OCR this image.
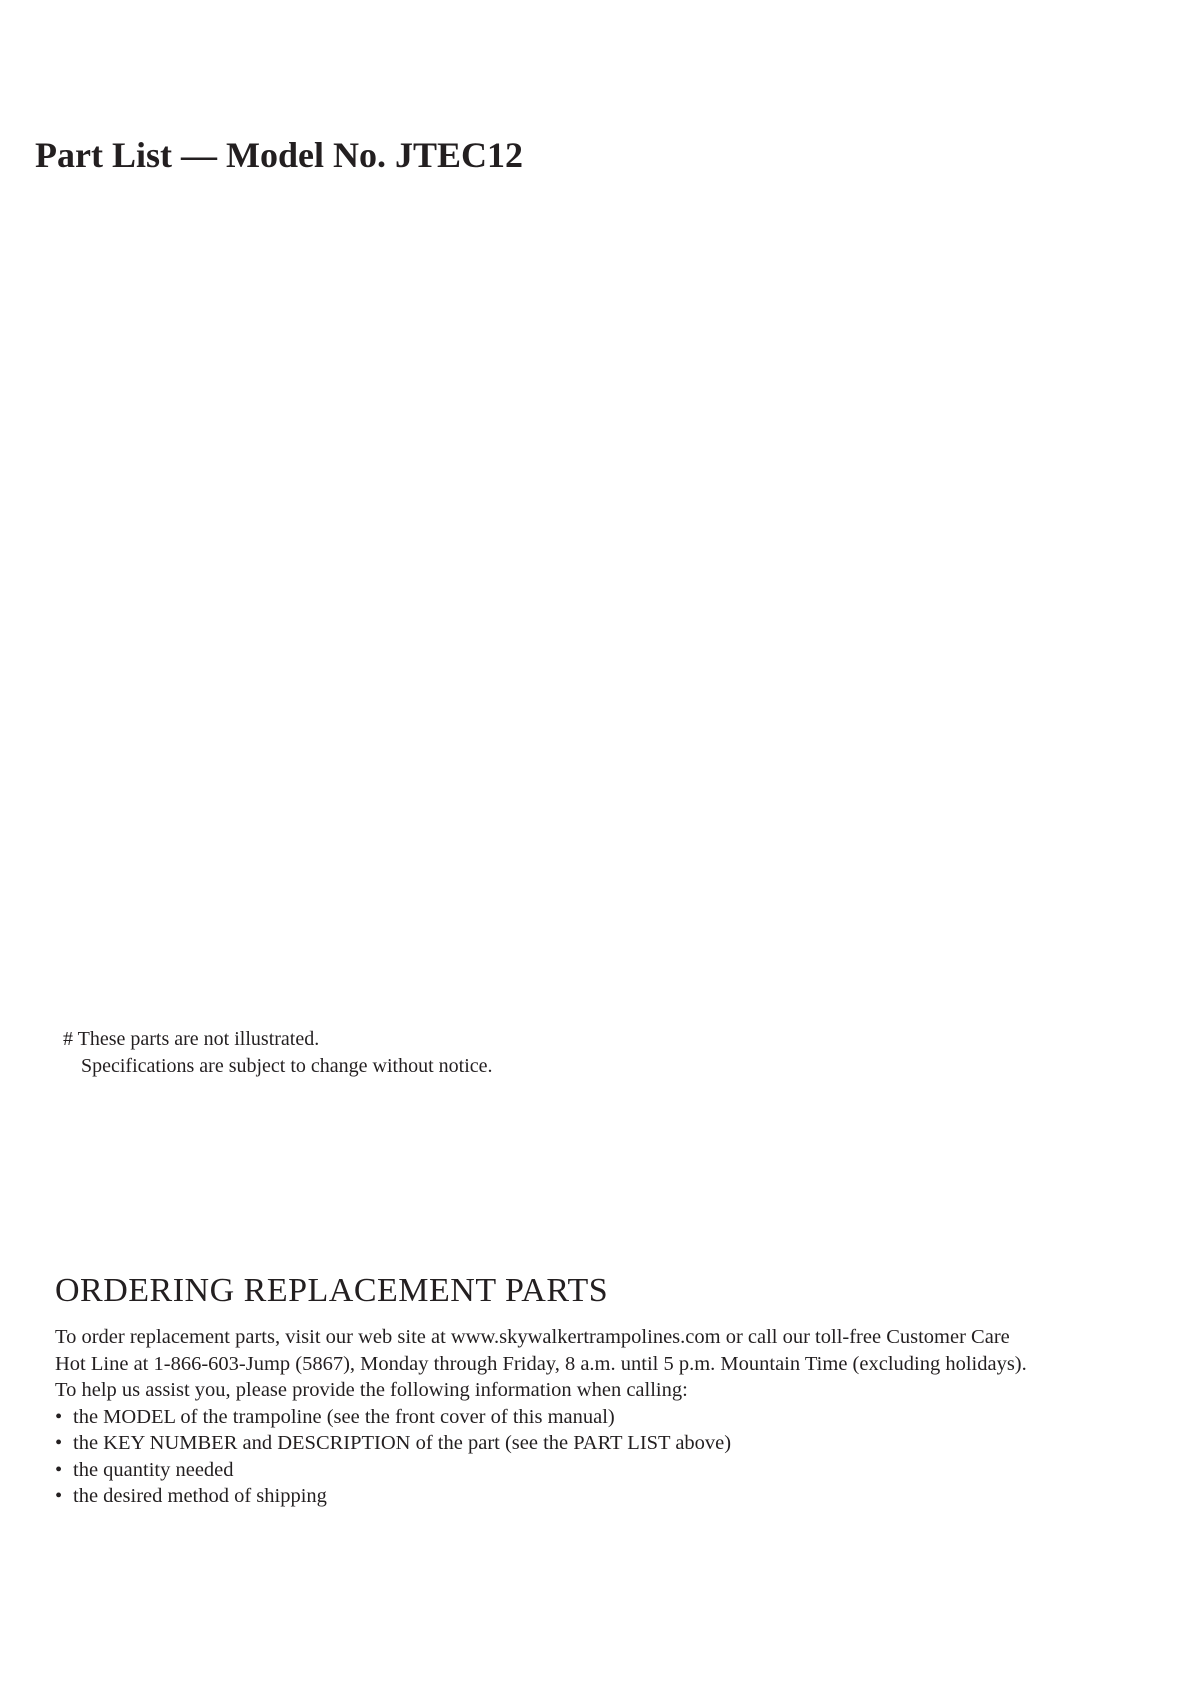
Part List — Model No. JTEC12
# These parts are not illustrated.
Specifications are subject to change without notice.
ORDERING REPLACEMENT PARTS
To order replacement parts, visit our web site at www.skywalkertrampolines.com or call our toll-free Customer Care
Hot Line at 1-866-603-Jump (5867), Monday through Friday, 8 a.m. until 5 p.m. Mountain Time (excluding holidays).
To help us assist you, please provide the following information when calling:
• the MODEL of the trampoline (see the front cover of this manual)
• the KEY NUMBER and DESCRIPTION of the part (see the PART LIST above)
• the quantity needed
• the desired method of shipping
